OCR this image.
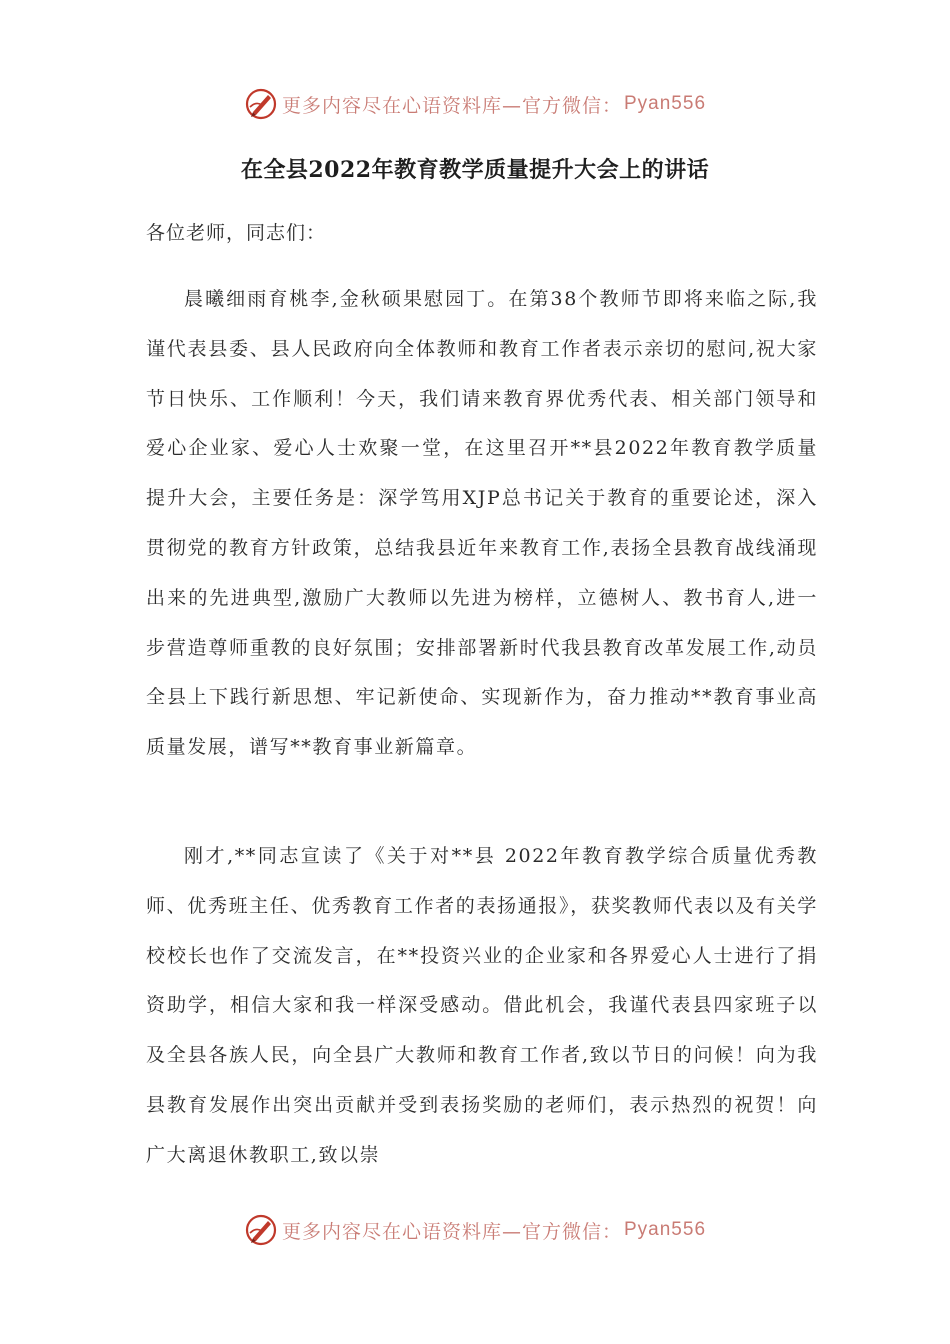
更多内容尽在心语资料库—官方微信： Pyan556
在全县2022年教育教学质量提升大会上的讲话
各位老师，同志们：

晨曦细雨育桃李,金秋硕果慰园丁。在第38个教师节即将来临之际,我谨代表县委、县人民政府向全体教师和教育工作者表示亲切的慰问,祝大家节日快乐、工作顺利！今天，我们请来教育界优秀代表、相关部门领导和爱心企业家、爱心人士欢聚一堂，在这里召开**县2022年教育教学质量提升大会，主要任务是：深学笃用XJP总书记关于教育的重要论述，深入贯彻党的教育方针政策，总结我县近年来教育工作,表扬全县教育战线涌现出来的先进典型,激励广大教师以先进为榜样，立德树人、教书育人,进一步营造尊师重教的良好氛围；安排部署新时代我县教育改革发展工作,动员全县上下践行新思想、牢记新使命、实现新作为，奋力推动**教育事业高质量发展，谱写**教育事业新篇章。

刚才,**同志宣读了《关于对**县 2022年教育教学综合质量优秀教师、优秀班主任、优秀教育工作者的表扬通报》，获奖教师代表以及有关学校校长也作了交流发言，在**投资兴业的企业家和各界爱心人士进行了捐资助学，相信大家和我一样深受感动。借此机会，我谨代表县四家班子以及全县各族人民，向全县广大教师和教育工作者,致以节日的问候！向为我县教育发展作出突出贡献并受到表扬奖励的老师们，表示热烈的祝贺！向广大离退休教职工,致以崇

更多内容尽在心语资料库—官方微信： Pyan556
